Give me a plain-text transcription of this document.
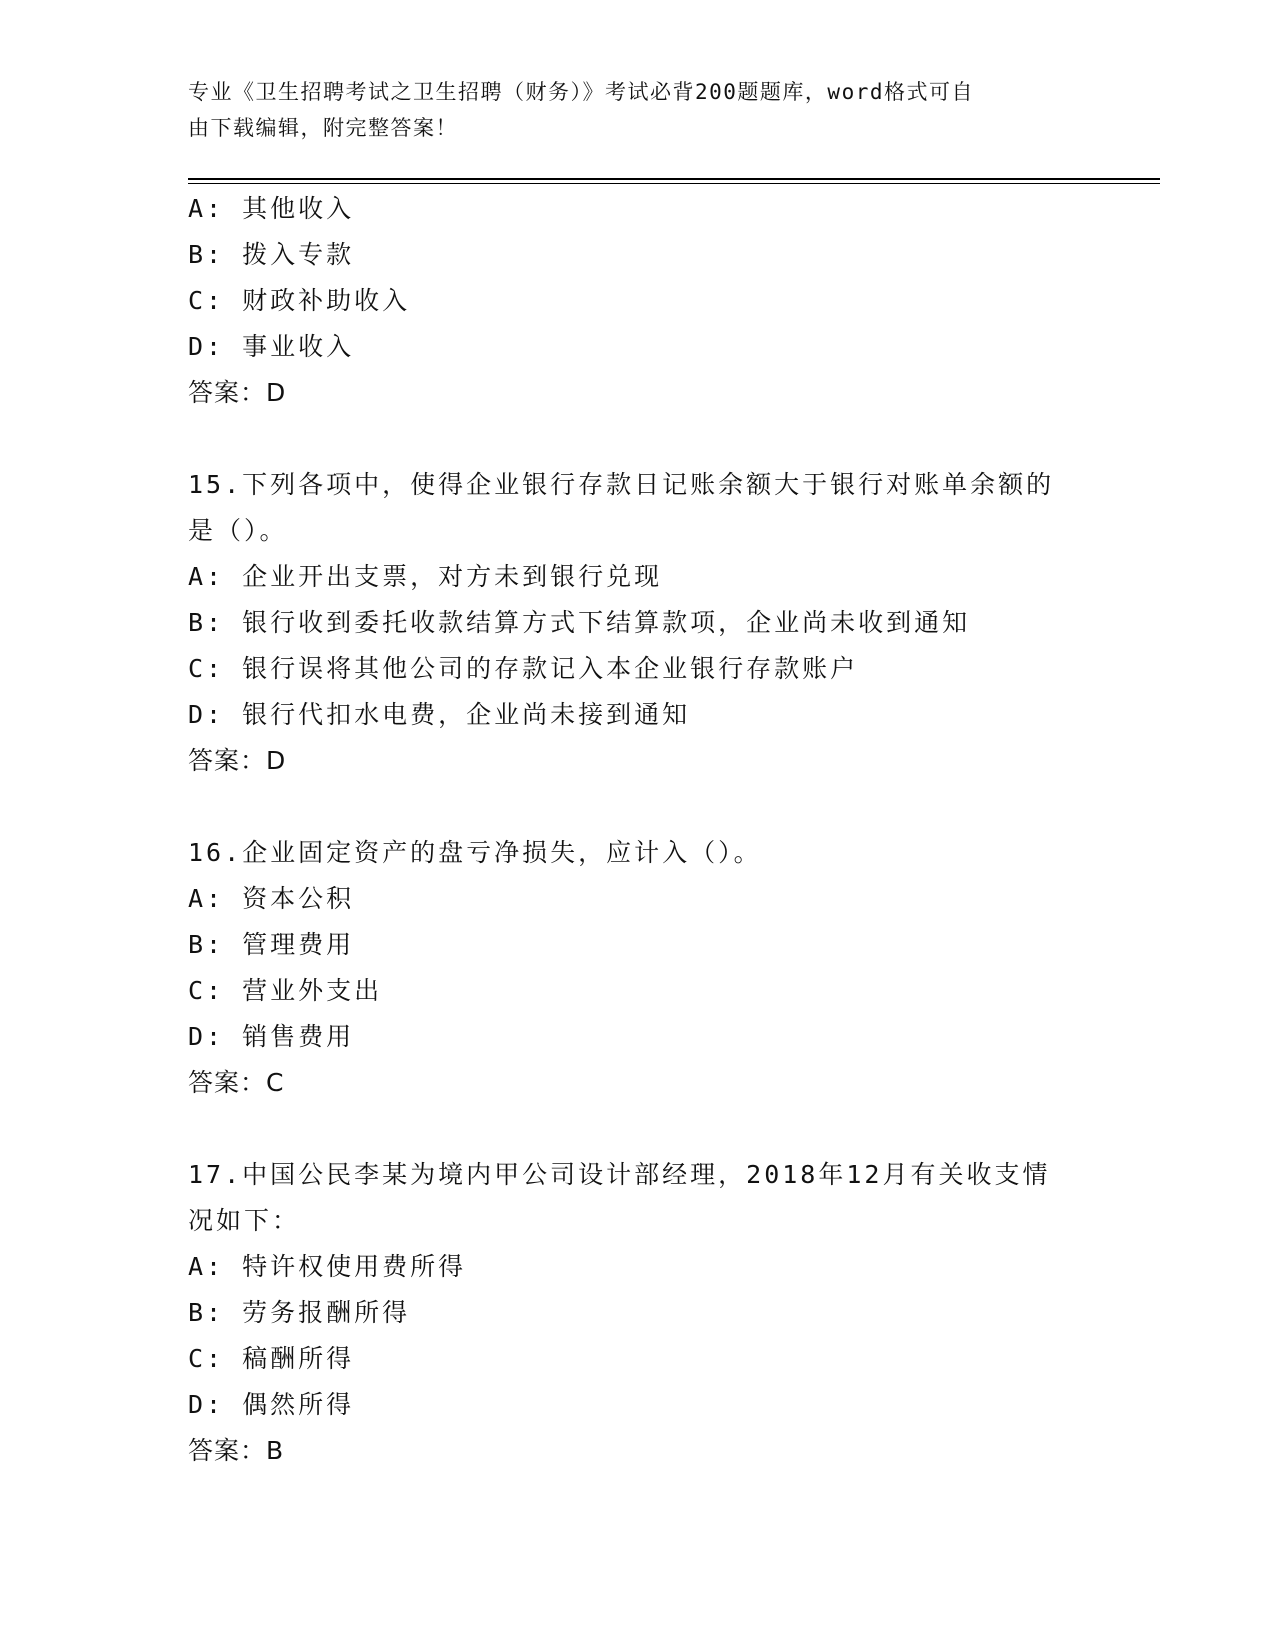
专业《卫生招聘考试之卫生招聘（财务）》考试必背200题题库，word格式可自
由下载编辑，附完整答案！

A: 其他收入

B: 拨入专款

C: 财政补助收入

D: 事业收入

答案：D

15.下列各项中，使得企业银行存款日记账余额大于银行对账单余额的

是（）。

A: 企业开出支票，对方未到银行兑现

B: 银行收到委托收款结算方式下结算款项，企业尚未收到通知

C: 银行误将其他公司的存款记入本企业银行存款账户

D: 银行代扣水电费，企业尚未接到通知

答案：D

16.企业固定资产的盘亏净损失，应计入（）。

A: 资本公积

B: 管理费用

C: 营业外支出

D: 销售费用

答案：C

17.中国公民李某为境内甲公司设计部经理，2018年12月有关收支情

况如下：

A: 特许权使用费所得

B: 劳务报酬所得

C: 稿酬所得

D: 偶然所得

答案：B
